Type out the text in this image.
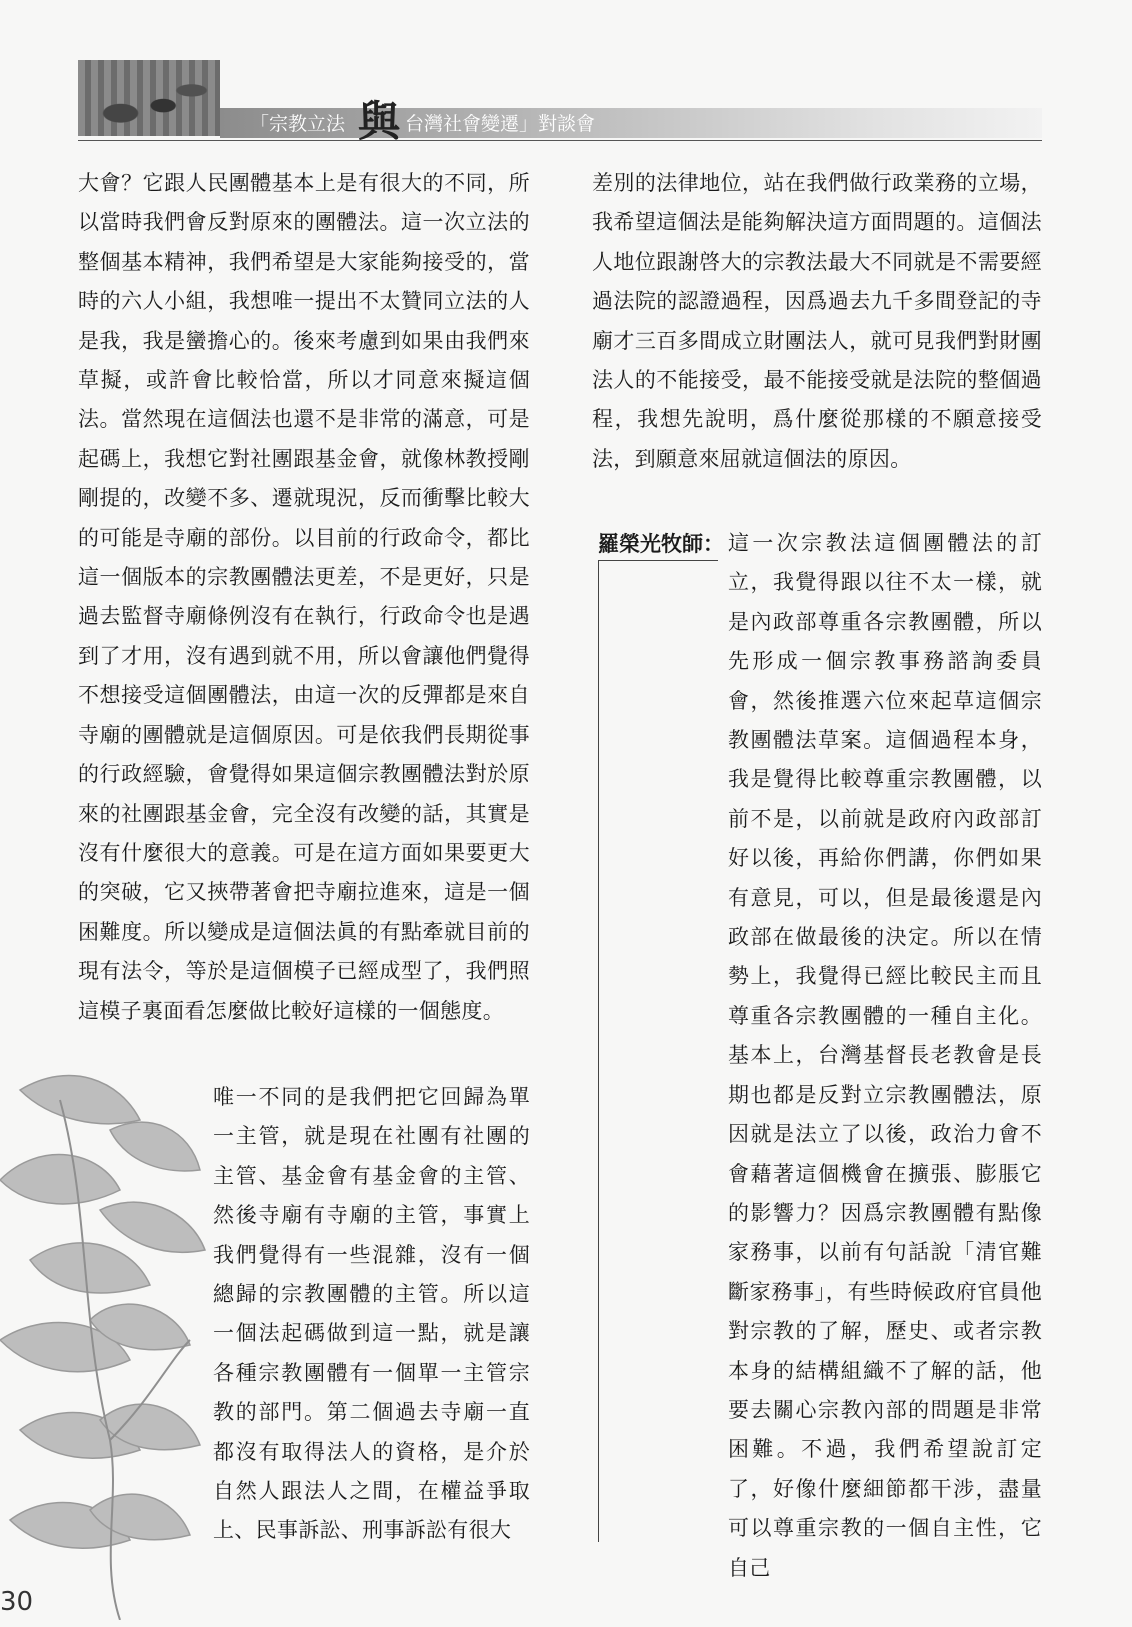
「宗教立法 與 台灣社會變遷」對談會

大會？它跟人民團體基本上是有很大的不同，所以當時我們會反對原來的團體法。這一次立法的整個基本精神，我們希望是大家能夠接受的，當時的六人小組，我想唯一提出不太贊同立法的人是我，我是蠻擔心的。後來考慮到如果由我們來草擬，或許會比較恰當，所以才同意來擬這個法。當然現在這個法也還不是非常的滿意，可是起碼上，我想它對社團跟基金會，就像林教授剛剛提的，改變不多、遷就現況，反而衝擊比較大的可能是寺廟的部份。以目前的行政命令，都比這一個版本的宗教團體法更差，不是更好，只是過去監督寺廟條例沒有在執行，行政命令也是遇到了才用，沒有遇到就不用，所以會讓他們覺得不想接受這個團體法，由這一次的反彈都是來自寺廟的團體就是這個原因。可是依我們長期從事的行政經驗，會覺得如果這個宗教團體法對於原來的社團跟基金會，完全沒有改變的話，其實是沒有什麼很大的意義。可是在這方面如果要更大的突破，它又挾帶著會把寺廟拉進來，這是一個困難度。所以變成是這個法眞的有點牽就目前的現有法令，等於是這個模子已經成型了，我們照這模子裏面看怎麼做比較好這樣的一個態度。

唯一不同的是我們把它回歸為單一主管，就是現在社團有社團的主管、基金會有基金會的主管、然後寺廟有寺廟的主管，事實上我們覺得有一些混雜，沒有一個總歸的宗教團體的主管。所以這一個法起碼做到這一點，就是讓各種宗教團體有一個單一主管宗教的部門。第二個過去寺廟一直都沒有取得法人的資格，是介於自然人跟法人之間，在權益爭取上、民事訴訟、刑事訴訟有很大

差別的法律地位，站在我們做行政業務的立場，我希望這個法是能夠解決這方面問題的。這個法人地位跟謝啓大的宗教法最大不同就是不需要經過法院的認證過程，因爲過去九千多間登記的寺廟才三百多間成立財團法人，就可見我們對財團法人的不能接受，最不能接受就是法院的整個過程，我想先說明，爲什麼從那樣的不願意接受法，到願意來屈就這個法的原因。

羅榮光牧師： 這一次宗教法這個團體法的訂立，我覺得跟以往不太一樣，就是內政部尊重各宗教團體，所以先形成一個宗教事務諮詢委員會，然後推選六位來起草這個宗教團體法草案。這個過程本身，我是覺得比較尊重宗教團體，以前不是，以前就是政府內政部訂好以後，再給你們講，你們如果有意見，可以，但是最後還是內政部在做最後的決定。所以在情勢上，我覺得已經比較民主而且尊重各宗教團體的一種自主化。基本上，台灣基督長老教會是長期也都是反對立宗教團體法，原因就是法立了以後，政治力會不會藉著這個機會在擴張、膨脹它的影響力？因爲宗教團體有點像家務事，以前有句話說「清官難斷家務事」，有些時候政府官員他對宗教的了解，歷史、或者宗教本身的結構組織不了解的話，他要去關心宗教內部的問題是非常困難。不過，我們希望說訂定了，好像什麼細節都干涉，盡量可以尊重宗教的一個自主性，它自己

30
